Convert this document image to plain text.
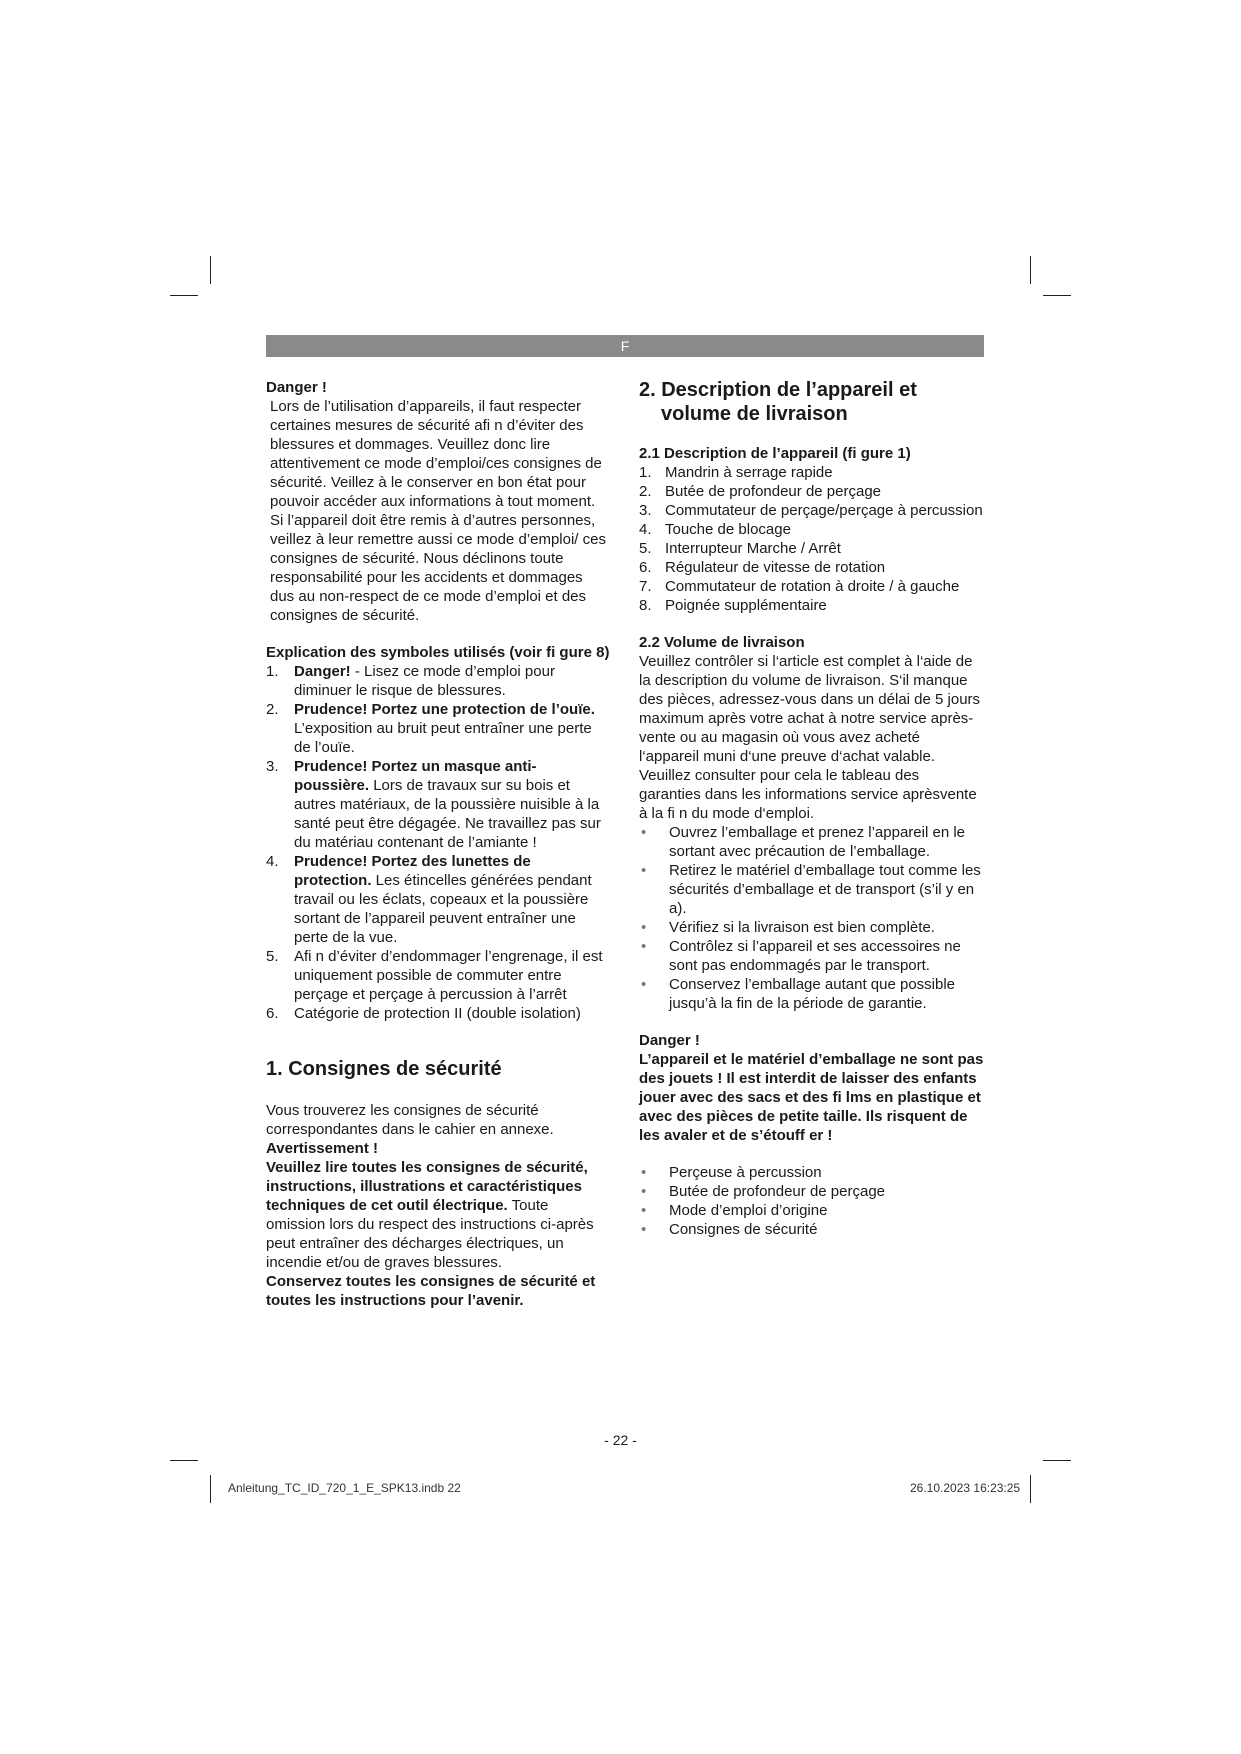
F

Danger !

Lors de l’utilisation d’appareils, il faut respecter certaines mesures de sécurité afi n d’éviter des blessures et dommages. Veuillez donc lire attentivement ce mode d’emploi/ces consignes de sécurité. Veillez à le conserver en bon état pour pouvoir accéder aux informations à tout moment. Si l’appareil doit être remis à d’autres personnes, veillez à leur remettre aussi ce mode d’emploi/ ces consignes de sécurité. Nous déclinons toute responsabilité pour les accidents et dommages dus au non-respect de ce mode d’emploi et des consignes de sécurité.

Explication des symboles utilisés (voir fi gure 8)

1. Danger! - Lisez ce mode d’emploi pour diminuer le risque de blessures.
2. Prudence! Portez une protection de l’ouïe. L’exposition au bruit peut entraîner une perte de l’ouïe.
3. Prudence! Portez un masque anti-poussière. Lors de travaux sur su bois et autres matériaux, de la poussière nuisible à la santé peut être dégagée. Ne travaillez pas sur du matériau contenant de l’amiante !
4. Prudence! Portez des lunettes de protection. Les étincelles générées pendant travail ou les éclats, copeaux et la poussière sortant de l’appareil peuvent entraîner une perte de la vue.
5. Afi n d’éviter d’endommager l’engrenage, il est uniquement possible de commuter entre perçage et perçage à percussion à l’arrêt
6. Catégorie de protection II (double isolation)

1. Consignes de sécurité

Vous trouverez les consignes de sécurité correspondantes dans le cahier en annexe.

Avertissement !

Veuillez lire toutes les consignes de sécurité, instructions, illustrations et caractéristiques techniques de cet outil électrique. Toute omission lors du respect des instructions ci-après peut entraîner des décharges électriques, un incendie et/ou de graves blessures.

Conservez toutes les consignes de sécurité et toutes les instructions pour l’avenir.

2. Description de l’appareil et volume de livraison

2.1 Description de l’appareil (fi gure 1)

1. Mandrin à serrage rapide
2. Butée de profondeur de perçage
3. Commutateur de perçage/perçage à percussion
4. Touche de blocage
5. Interrupteur Marche / Arrêt
6. Régulateur de vitesse de rotation
7. Commutateur de rotation à droite / à gauche
8. Poignée supplémentaire

2.2 Volume de livraison

Veuillez contrôler si l‘article est complet à l‘aide de la description du volume de livraison. S‘il manque des pièces, adressez-vous dans un délai de 5 jours maximum après votre achat à notre service après-vente ou au magasin où vous avez acheté l‘appareil muni d‘une preuve d‘achat valable. Veuillez consulter pour cela le tableau des garanties dans les informations service aprèsvente à la fi n du mode d‘emploi.

• Ouvrez l’emballage et prenez l’appareil en le sortant avec précaution de l’emballage.
• Retirez le matériel d’emballage tout comme les sécurités d’emballage et de transport (s’il y en a).
• Vérifiez si la livraison est bien complète.
• Contrôlez si l’appareil et ses accessoires ne sont pas endommagés par le transport.
• Conservez l’emballage autant que possible jusqu’à la fin de la période de garantie.

Danger !

L’appareil et le matériel d’emballage ne sont pas des jouets ! Il est interdit de laisser des enfants jouer avec des sacs et des fi lms en plastique et avec des pièces de petite taille. Ils risquent de les avaler et de s’étouff er !

• Perçeuse à percussion
• Butée de profondeur de perçage
• Mode d’emploi d’origine
• Consignes de sécurité
- 22 -
Anleitung_TC_ID_720_1_E_SPK13.indb 22	26.10.2023 16:23:25
